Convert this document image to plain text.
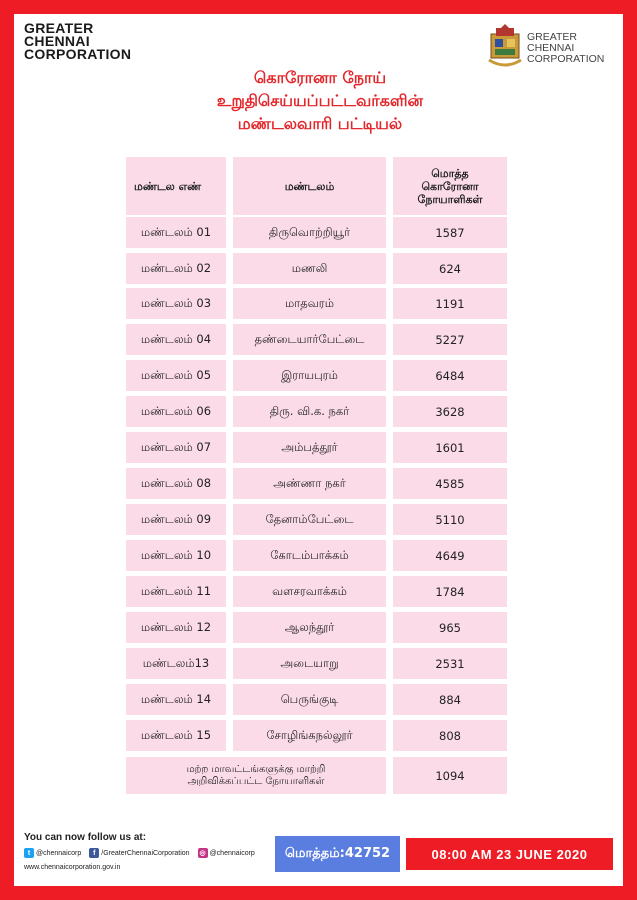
GREATER
CHENNAI
CORPORATION
GREATER
CHENNAI
CORPORATION
கொரோனா நோய்
உறுதிசெய்யப்பட்டவர்களின்
மண்டலவாரி பட்டியல்
மண்டல எண்	மண்டலம்
மொத்த
கொரோனா
நோயாளிகள்
மண்டலம் 01	திருவொற்றியூர்	1587
மண்டலம் 02	மணலி	624
மண்டலம் 03	மாதவரம்	1191
மண்டலம் 04	தண்டையார்பேட்டை	5227
மண்டலம் 05	இராயபுரம்	6484
மண்டலம் 06	திரு. வி.க. நகர்	3628
மண்டலம் 07	அம்பத்தூர்	1601
மண்டலம் 08	அண்ணா நகர்	4585
மண்டலம் 09	தேனாம்பேட்டை	5110
மண்டலம் 10	கோடம்பாக்கம்	4649
மண்டலம் 11	வளசரவாக்கம்	1784
மண்டலம் 12	ஆலந்தூர்	965
மண்டலம்13	அடையாறு	2531
மண்டலம் 14	பெருங்குடி	884
மண்டலம் 15	சோழிங்கநல்லூர்	808
மற்ற மாவட்டங்களுக்கு மாற்றி
அறிவிக்கப்பட்ட நோயாளிகள்	1094
You can now follow us at:
t @chennaicorp	f /GreaterChennaiCorporation ◎ @chennaicorp
www.chennaicorporation.gov.in
மொத்தம்:42752	08:00 AM 23 JUNE 2020
